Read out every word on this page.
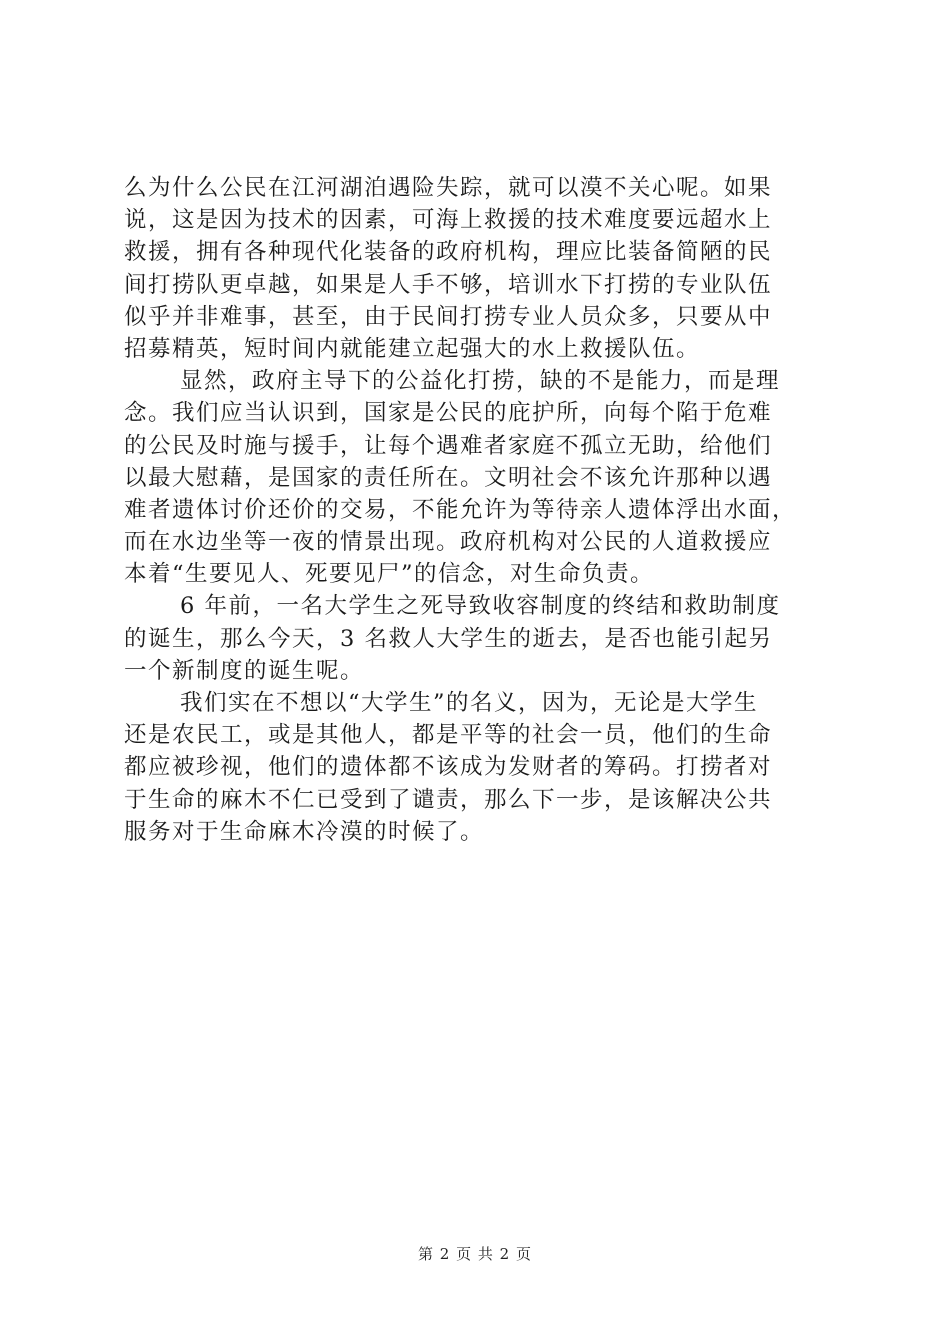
么为什么公民在江河湖泊遇险失踪，就可以漠不关心呢。如果
说，这是因为技术的因素，可海上救援的技术难度要远超水上
救援，拥有各种现代化装备的政府机构，理应比装备简陋的民
间打捞队更卓越，如果是人手不够，培训水下打捞的专业队伍
似乎并非难事，甚至，由于民间打捞专业人员众多，只要从中
招募精英，短时间内就能建立起强大的水上救援队伍。
显然，政府主导下的公益化打捞，缺的不是能力，而是理
念。我们应当认识到，国家是公民的庇护所，向每个陷于危难
的公民及时施与援手，让每个遇难者家庭不孤立无助，给他们
以最大慰藉，是国家的责任所在。文明社会不该允许那种以遇
难者遗体讨价还价的交易，不能允许为等待亲人遗体浮出水面，
而在水边坐等一夜的情景出现。政府机构对公民的人道救援应
本着“生要见人、死要见尸”的信念，对生命负责。
6 年前，一名大学生之死导致收容制度的终结和救助制度
的诞生，那么今天，3 名救人大学生的逝去，是否也能引起另
一个新制度的诞生呢。
我们实在不想以“大学生”的名义，因为，无论是大学生
还是农民工，或是其他人，都是平等的社会一员，他们的生命
都应被珍视，他们的遗体都不该成为发财者的筹码。打捞者对
于生命的麻木不仁已受到了谴责，那么下一步，是该解决公共
服务对于生命麻木冷漠的时候了。
第 2 页 共 2 页
